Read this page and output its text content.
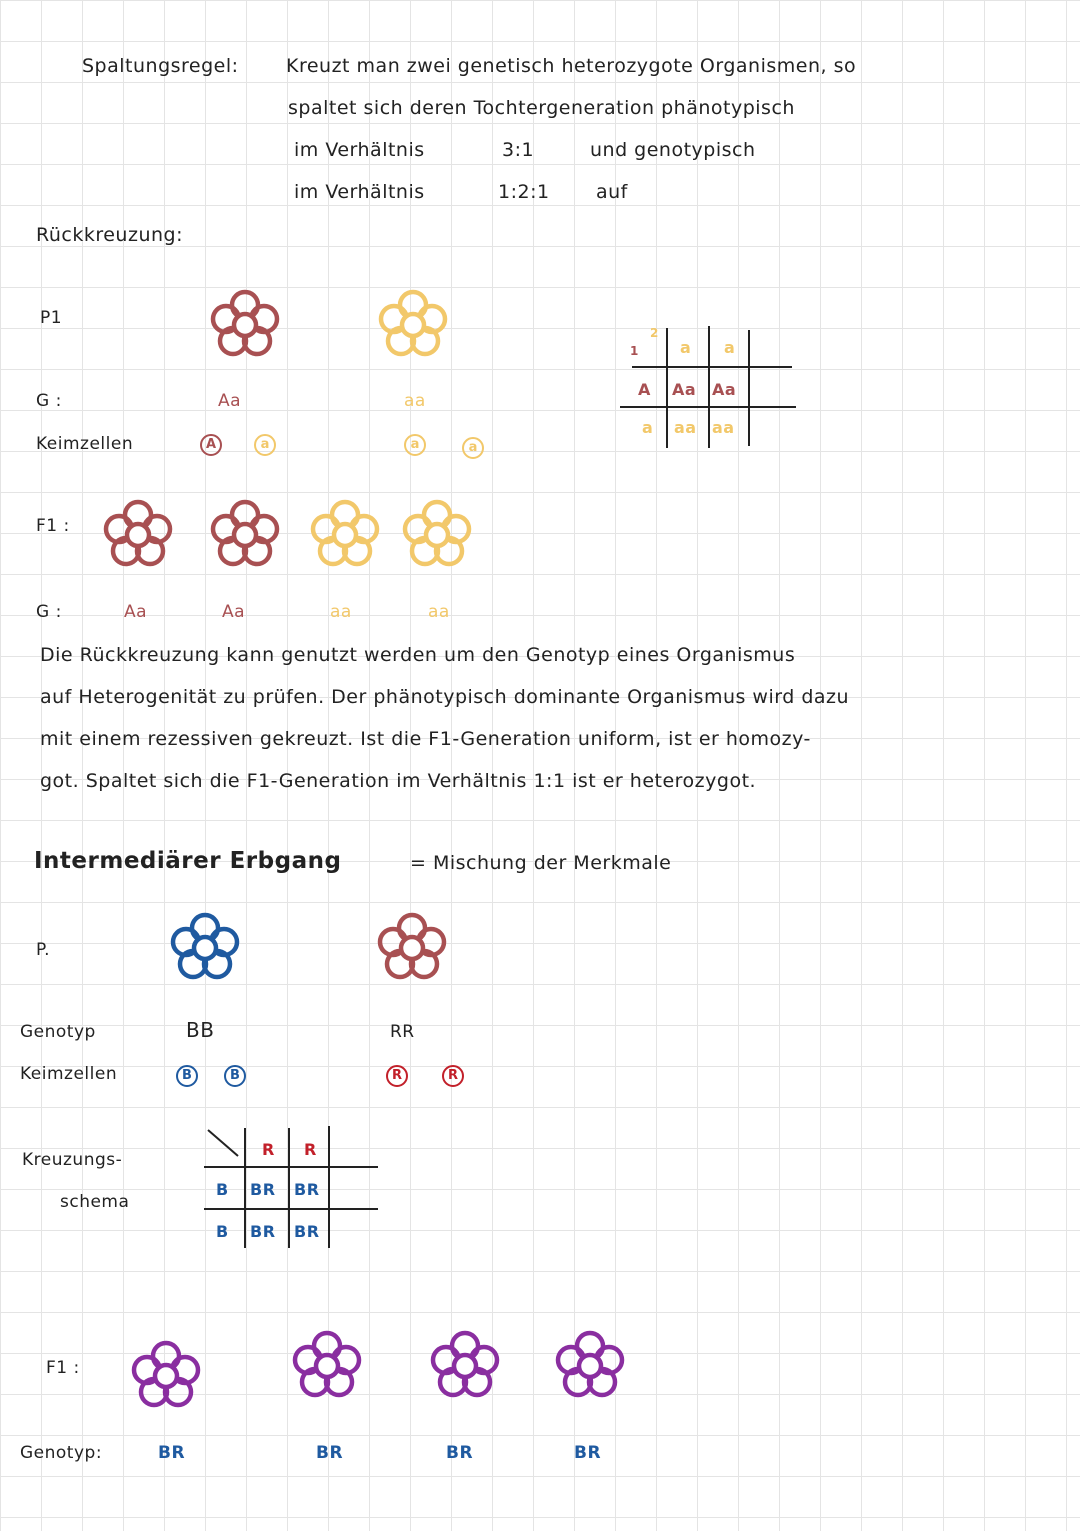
Spaltungsregel: Kreuzt man zwei genetisch heterozygote Organismen, so
spaltet sich deren Tochtergeneration phänotypisch
im Verhältnis	3:1	und genotypisch
im Verhältnis	1:2:1 auf
Rückkreuzung:
P1
G :	Aa	aa
Keimzellen	A	a	a	a
F1 :
G :	Aa	Aa	aa	aa
1
2
a a
A Aa Aa
a aa aa
Die Rückkreuzung kann genutzt werden um den Genotyp eines Organismus
auf Heterogenität zu prüfen. Der phänotypisch dominante Organismus wird dazu
mit einem rezessiven gekreuzt. Ist die F1-Generation uniform, ist er homozy-
got. Spaltet sich die F1-Generation im Verhältnis 1:1 ist er heterozygot.
Intermediärer Erbgang	= Mischung der Merkmale
P.
Genotyp	BB	RR
Keimzellen	B	B	R	R
Kreuzungs-
schema
R R
B BR BR
B BR BR
F1 :
Genotyp:	BR	BR	BR	BR
